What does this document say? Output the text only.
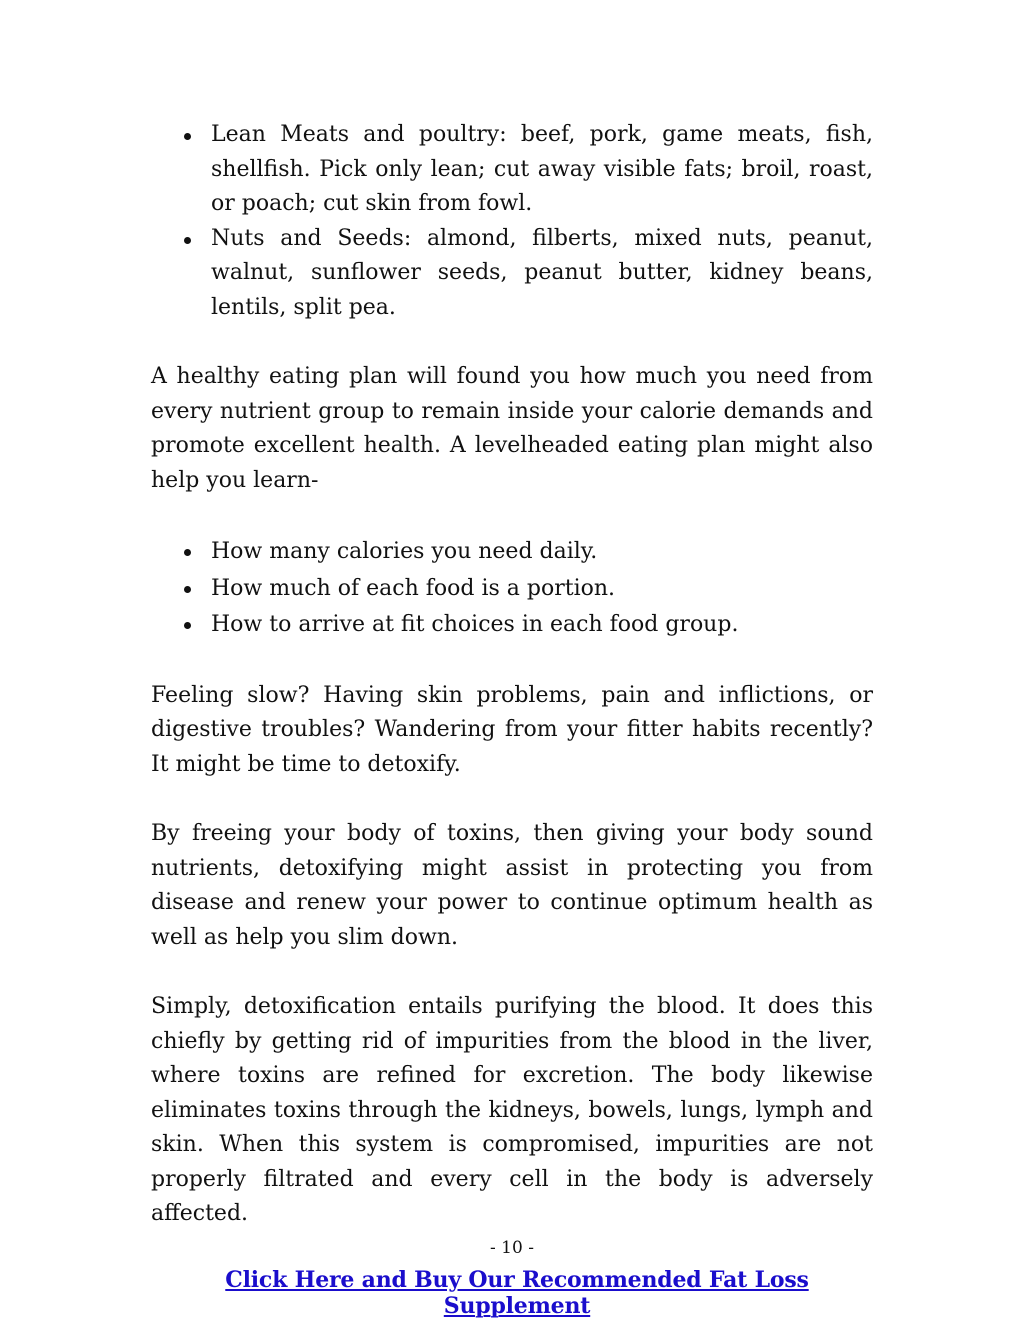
Lean Meats and poultry: beef, pork, game meats, fish, shellfish. Pick only lean; cut away visible fats; broil, roast, or poach; cut skin from fowl.
Nuts and Seeds: almond, filberts, mixed nuts, peanut, walnut, sunflower seeds, peanut butter, kidney beans, lentils, split pea.

A healthy eating plan will found you how much you need from every nutrient group to remain inside your calorie demands and promote excellent health. A levelheaded eating plan might also help you learn-

How many calories you need daily.
How much of each food is a portion.
How to arrive at fit choices in each food group.

Feeling slow? Having skin problems, pain and inflictions, or digestive troubles? Wandering from your fitter habits recently? It might be time to detoxify.

By freeing your body of toxins, then giving your body sound nutrients, detoxifying might assist in protecting you from disease and renew your power to continue optimum health as well as help you slim down.

Simply, detoxification entails purifying the blood. It does this chiefly by getting rid of impurities from the blood in the liver, where toxins are refined for excretion. The body likewise eliminates toxins through the kidneys, bowels, lungs, lymph and skin. When this system is compromised, impurities are not properly filtrated and every cell in the body is adversely affected.

Click Here and Buy Our Recommended Fat Loss Supplement
- 10 -
